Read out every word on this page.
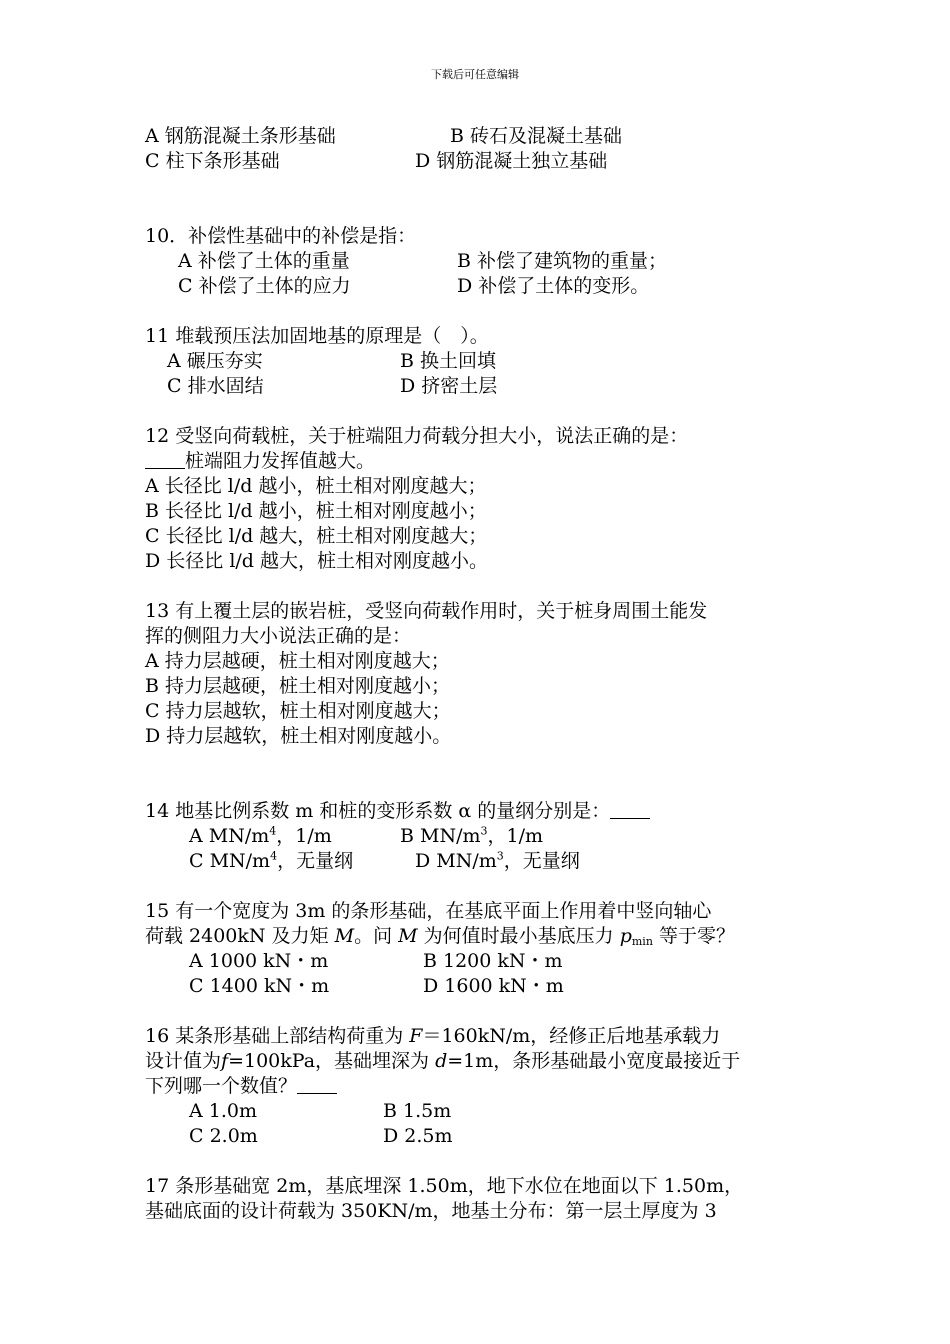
下载后可任意编辑
A 钢筋混凝土条形基础	B 砖石及混凝土基础
C 柱下条形基础	D 钢筋混凝土独立基础
10．补偿性基础中的补偿是指：
A 补偿了土体的重量	B 补偿了建筑物的重量；
C 补偿了土体的应力	D 补偿了土体的变形。
11 堆载预压法加固地基的原理是（　）。
A 碾压夯实	B 换土回填
C 排水固结	D 挤密土层
12 受竖向荷载桩，关于桩端阻力荷载分担大小，说法正确的是：
桩端阻力发挥值越大。
A 长径比 l/d 越小，桩土相对刚度越大；
B 长径比 l/d 越小，桩土相对刚度越小；
C 长径比 l/d 越大，桩土相对刚度越大；
D 长径比 l/d 越大，桩土相对刚度越小。
13 有上覆土层的嵌岩桩，受竖向荷载作用时，关于桩身周围土能发
挥的侧阻力大小说法正确的是：
A 持力层越硬，桩土相对刚度越大；
B 持力层越硬，桩土相对刚度越小；
C 持力层越软，桩土相对刚度越大；
D 持力层越软，桩土相对刚度越小。
14 地基比例系数 m 和桩的变形系数 α 的量纲分别是：
A $MN/m^4$，1/m	B $MN/m^3$，1/m
C $MN/m^4$，无量纲	D $MN/m^3$，无量纲
15 有一个宽度为 3m 的条形基础，在基底平面上作用着中竖向轴心
荷载 2400kN 及力矩 M。问 M 为何值时最小基底压力 $p_{min}$ 等于零？
A 1000 kN・m	B 1200 kN・m
C 1400 kN・m	D 1600 kN・m
16 某条形基础上部结构荷重为 F＝160kN/m，经修正后地基承载力
设计值为f=100kPa，基础埋深为 d=1m，条形基础最小宽度最接近于
下列哪一个数值？
A 1.0m	B 1.5m
C 2.0m	D 2.5m
17 条形基础宽 2m，基底埋深 1.50m，地下水位在地面以下 1.50m，
基础底面的设计荷载为 350KN/m，地基土分布：第一层土厚度为 3
